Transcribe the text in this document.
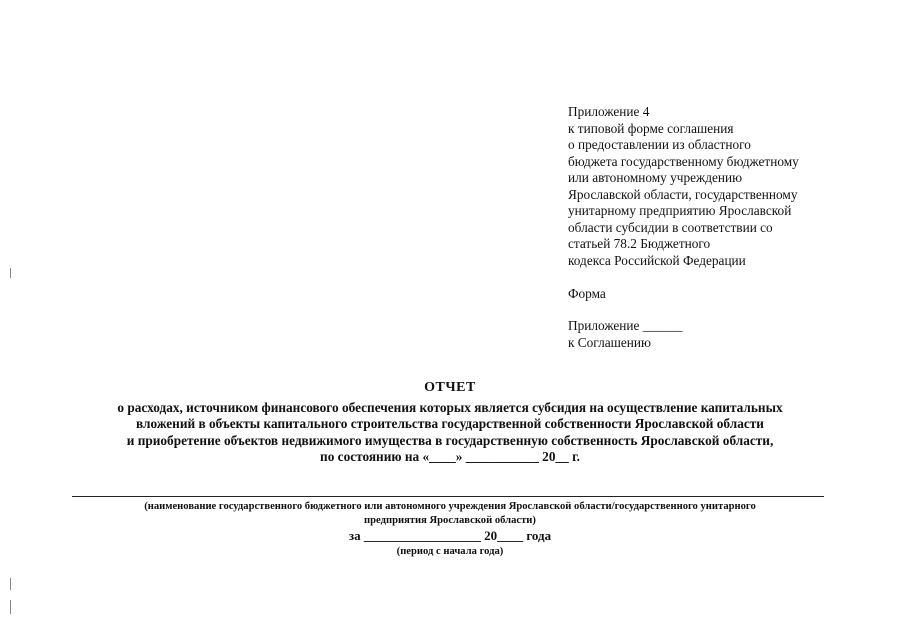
Приложение 4
к типовой форме соглашения
о предоставлении из областного
бюджета государственному бюджетному
или автономному учреждению
Ярославской области, государственному
унитарному предприятию Ярославской
области субсидии в соответствии со
статьей 78.2 Бюджетного
кодекса Российской Федерации
Форма
Приложение ______
к Соглашению
ОТЧЕТ
о расходах, источником финансового обеспечения которых является субсидия на осуществление капитальных
вложений в объекты капитального строительства государственной собственности Ярославской области
и приобретение объектов недвижимого имущества в государственную собственность Ярославской области,
по состоянию на «____» ___________ 20__ г.
(наименование государственного бюджетного или автономного учреждения Ярославской области/государственного унитарного
предприятия Ярославской области)
за __________________ 20____ года
(период с начала года)
